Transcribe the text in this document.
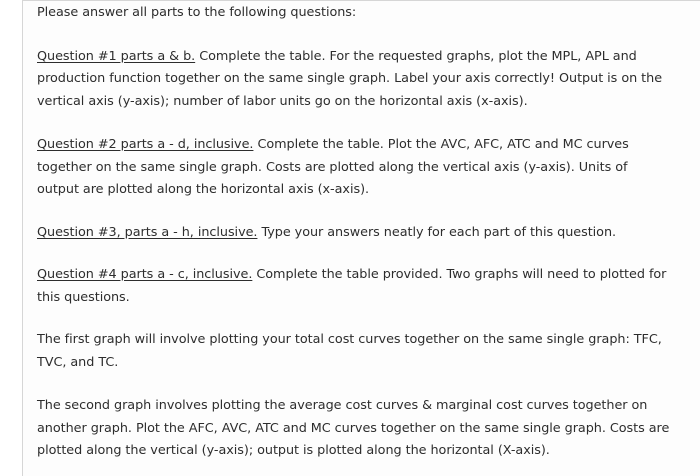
Please answer all parts to the following questions:

Question #1 parts a & b. Complete the table. For the requested graphs, plot the MPL, APL and production function together on the same single graph. Label your axis correctly! Output is on the vertical axis (y-axis); number of labor units go on the horizontal axis (x-axis).

Question #2 parts a - d, inclusive. Complete the table. Plot the AVC, AFC, ATC and MC curves together on the same single graph. Costs are plotted along the vertical axis (y-axis). Units of output are plotted along the horizontal axis (x-axis).

Question #3, parts a - h, inclusive. Type your answers neatly for each part of this question.

Question #4 parts a - c, inclusive. Complete the table provided. Two graphs will need to plotted for this questions.

The first graph will involve plotting your total cost curves together on the same single graph: TFC, TVC, and TC.

The second graph involves plotting the average cost curves & marginal cost curves together on another graph. Plot the AFC, AVC, ATC and MC curves together on the same single graph. Costs are plotted along the vertical (y-axis); output is plotted along the horizontal (X-axis).
